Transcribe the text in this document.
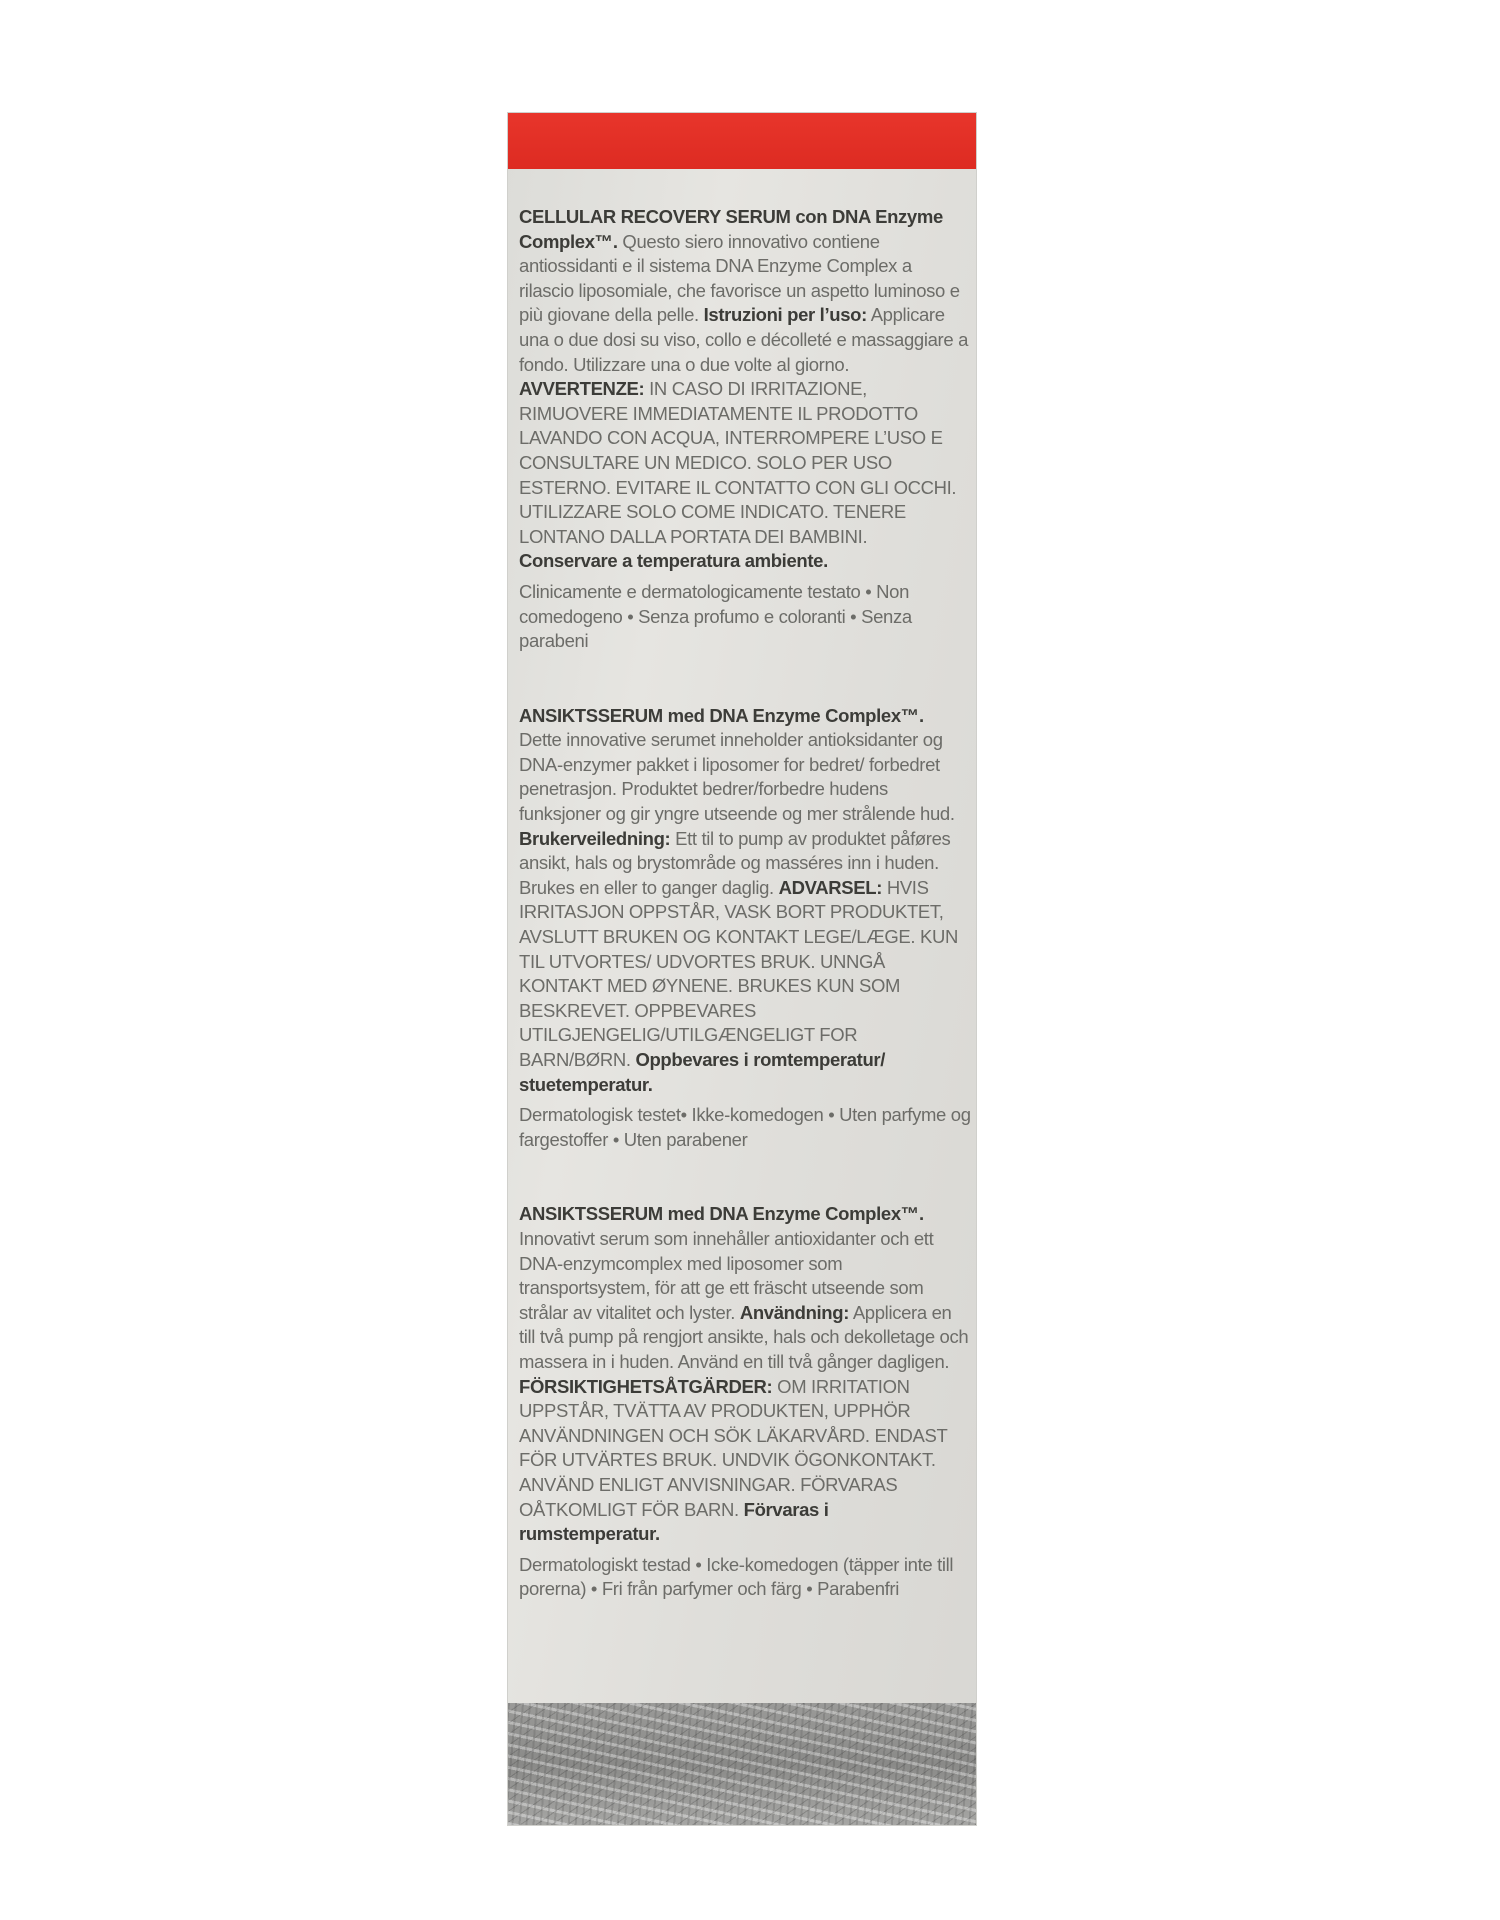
CELLULAR RECOVERY SERUM con DNA Enzyme Complex™. Questo siero innovativo contiene antiossidanti e il sistema DNA Enzyme Complex a rilascio liposomiale, che favorisce un aspetto luminoso e più giovane della pelle. Istruzioni per l’uso: Applicare una o due dosi su viso, collo e décolleté e massaggiare a fondo. Utilizzare una o due volte al giorno.
AVVERTENZE: IN CASO DI IRRITAZIONE, RIMUOVERE IMMEDIATAMENTE IL PRODOTTO LAVANDO CON ACQUA, INTERROMPERE L’USO E CONSULTARE UN MEDICO. SOLO PER USO ESTERNO. EVITARE IL CONTATTO CON GLI OCCHI. UTILIZZARE SOLO COME INDICATO. TENERE LONTANO DALLA PORTATA DEI BAMBINI.
Conservare a temperatura ambiente.

Clinicamente e dermatologicamente testato • Non comedogeno • Senza profumo e coloranti • Senza parabeni

ANSIKTSSERUM med DNA Enzyme Complex™.
Dette innovative serumet inneholder antioksidanter og DNA-enzymer pakket i liposomer for bedret/ forbedret penetrasjon. Produktet bedrer/forbedre hudens funksjoner og gir yngre utseende og mer strålende hud. Brukerveiledning: Ett til to pump av produktet påføres ansikt, hals og brystområde og masséres inn i huden. Brukes en eller to ganger daglig. ADVARSEL: HVIS IRRITASJON OPPSTÅR, VASK BORT PRODUKTET, AVSLUTT BRUKEN OG KONTAKT LEGE/LÆGE. KUN TIL UTVORTES/ UDVORTES BRUK. UNNGÅ KONTAKT MED ØYNENE. BRUKES KUN SOM BESKREVET. OPPBEVARES UTILGJENGELIG/UTILGÆNGELIGT FOR BARN/BØRN. Oppbevares i romtemperatur/ stuetemperatur.

Dermatologisk testet• Ikke-komedogen • Uten parfyme og fargestoffer • Uten parabener

ANSIKTSSERUM med DNA Enzyme Complex™.
Innovativt serum som innehåller antioxidanter och ett DNA-enzymcomplex med liposomer som transportsystem, för att ge ett fräscht utseende som strålar av vitalitet och lyster. Användning: Applicera en till två pump på rengjort ansikte, hals och dekolletage och massera in i huden. Använd en till två gånger dagligen.
FÖRSIKTIGHETSÅTGÄRDER: OM IRRITATION UPPSTÅR, TVÄTTA AV PRODUKTEN, UPPHÖR ANVÄNDNINGEN OCH SÖK LÄKARVÅRD. ENDAST FÖR UTVÄRTES BRUK. UNDVIK ÖGONKONTAKT. ANVÄND ENLIGT ANVISNINGAR. FÖRVARAS OÅTKOMLIGT FÖR BARN. Förvaras i rumstemperatur.

Dermatologiskt testad • Icke-komedogen (täpper inte till porerna) • Fri från parfymer och färg • Parabenfri
